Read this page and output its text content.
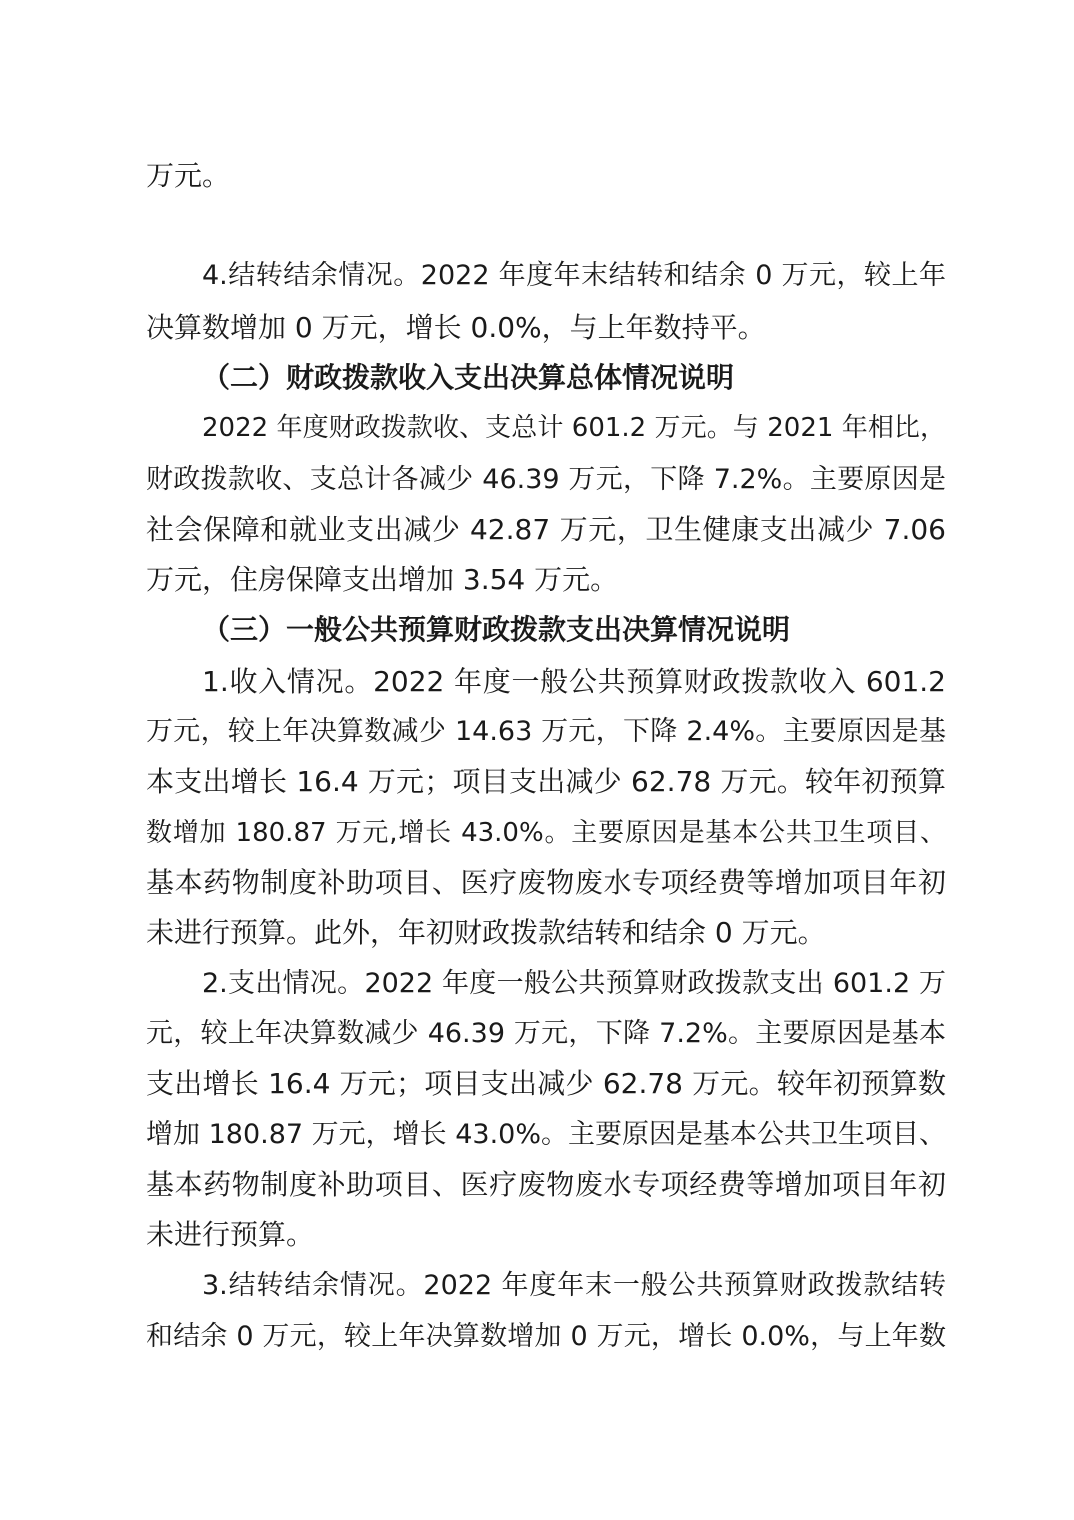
万元。
4.结转结余情况。2022 年度年末结转和结余 0 万元，较上年
决算数增加 0 万元，增长 0.0%，与上年数持平。
（二）财政拨款收入支出决算总体情况说明
2022 年度财政拨款收、支总计 601.2 万元。与 2021 年相比，
财政拨款收、支总计各减少 46.39 万元，下降 7.2%。主要原因是
社会保障和就业支出减少 42.87 万元，卫生健康支出减少 7.06
万元，住房保障支出增加 3.54 万元。
（三）一般公共预算财政拨款支出决算情况说明
1.收入情况。2022 年度一般公共预算财政拨款收入 601.2
万元，较上年决算数减少 14.63 万元，下降 2.4%。主要原因是基
本支出增长 16.4 万元；项目支出减少 62.78 万元。较年初预算
数增加 180.87 万元,增长 43.0%。主要原因是基本公共卫生项目、
基本药物制度补助项目、医疗废物废水专项经费等增加项目年初
未进行预算。此外，年初财政拨款结转和结余 0 万元。
2.支出情况。2022 年度一般公共预算财政拨款支出 601.2 万
元，较上年决算数减少 46.39 万元，下降 7.2%。主要原因是基本
支出增长 16.4 万元；项目支出减少 62.78 万元。较年初预算数
增加 180.87 万元，增长 43.0%。主要原因是基本公共卫生项目、
基本药物制度补助项目、医疗废物废水专项经费等增加项目年初
未进行预算。
3.结转结余情况。2022 年度年末一般公共预算财政拨款结转
和结余 0 万元，较上年决算数增加 0 万元，增长 0.0%，与上年数
